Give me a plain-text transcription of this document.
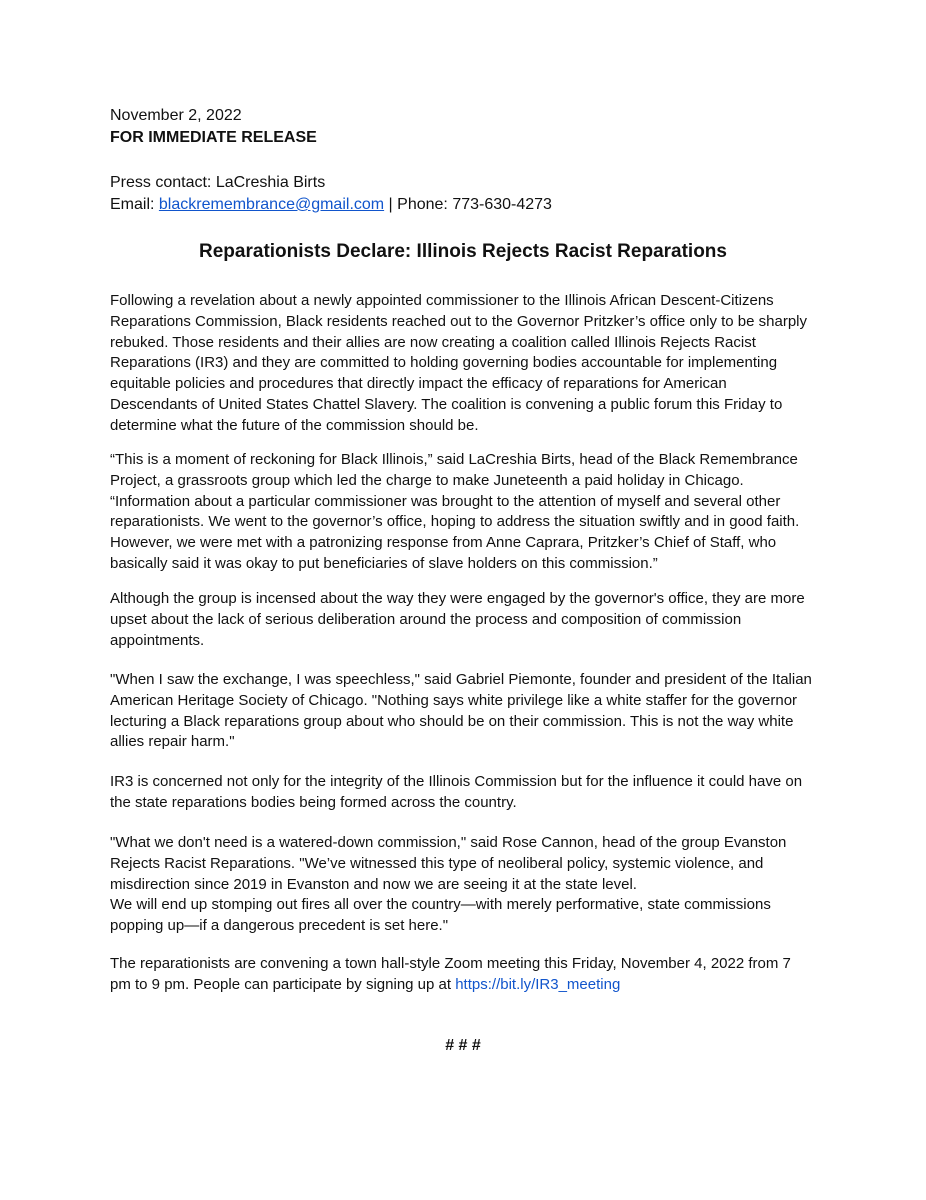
November 2, 2022

FOR IMMEDIATE RELEASE

Press contact: LaCreshia Birts

Email: blackremembrance@gmail.com | Phone: 773-630-4273

Reparationists Declare: Illinois Rejects Racist Reparations

Following a revelation about a newly appointed commissioner to the Illinois African Descent-Citizens
Reparations Commission, Black residents reached out to the Governor Pritzker’s office only to be sharply
rebuked. Those residents and their allies are now creating a coalition called Illinois Rejects Racist
Reparations (IR3) and they are committed to holding governing bodies accountable for implementing
equitable policies and procedures that directly impact the efficacy of reparations for American
Descendants of United States Chattel Slavery. The coalition is convening a public forum this Friday to
determine what the future of the commission should be.

“This is a moment of reckoning for Black Illinois,” said LaCreshia Birts, head of the Black Remembrance
Project, a grassroots group which led the charge to make Juneteenth a paid holiday in Chicago.
“Information about a particular commissioner was brought to the attention of myself and several other
reparationists. We went to the governor’s office, hoping to address the situation swiftly and in good faith.
However, we were met with a patronizing response from Anne Caprara, Pritzker’s Chief of Staff, who
basically said it was okay to put beneficiaries of slave holders on this commission.”

Although the group is incensed about the way they were engaged by the governor's office, they are more
upset about the lack of serious deliberation around the process and composition of commission
appointments.

"When I saw the exchange, I was speechless," said Gabriel Piemonte, founder and president of the Italian
American Heritage Society of Chicago. "Nothing says white privilege like a white staffer for the governor
lecturing a Black reparations group about who should be on their commission. This is not the way white
allies repair harm."

IR3 is concerned not only for the integrity of the Illinois Commission but for the influence it could have on
the state reparations bodies being formed across the country.

"What we don't need is a watered-down commission," said Rose Cannon, head of the group Evanston
Rejects Racist Reparations. "We’ve witnessed this type of neoliberal policy, systemic violence, and
misdirection since 2019 in Evanston and now we are seeing it at the state level.
We will end up stomping out fires all over the country—with merely performative, state commissions
popping up—if a dangerous precedent is set here."

The reparationists are convening a town hall-style Zoom meeting this Friday, November 4, 2022 from 7
pm to 9 pm. People can participate by signing up at https://bit.ly/IR3_meeting

# # #
